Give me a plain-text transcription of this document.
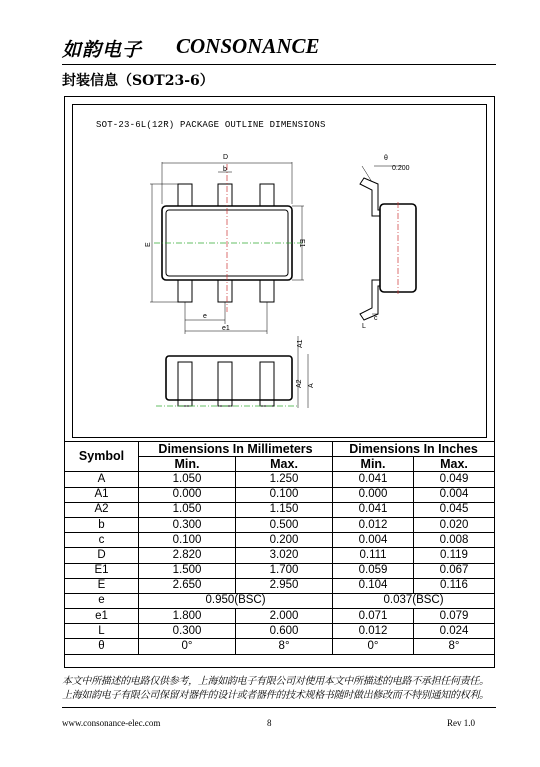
如韵电子 CONSONANCE
封装信息（SOT23-6）
SOT-23-6L(12R) PACKAGE OUTLINE DIMENSIONS
D
b
E	E1
e
e1
θ
0.200
c
L
A1
A2 A
Symbol	Dimensions In Millimeters		Dimensions In Inches	
	Min.	Max.	Min.	Max.
A	1.050	1.250	0.041	0.049
A1	0.000	0.100	0.000	0.004
A2	1.050	1.150	0.041	0.045
b	0.300	0.500	0.012	0.020
c	0.100	0.200	0.004	0.008
D	2.820	3.020	0.111	0.119
E1	1.500	1.700	0.059	0.067
E	2.650	2.950	0.104	0.116
e	0.950(BSC)		0.037(BSC)	
e1	1.800	2.000	0.071	0.079
L	0.300	0.600	0.012	0.024
θ	0°	8°	0°	8°
本文中所描述的电路仅供参考，上海如韵电子有限公司对使用本文中所描述的电路不承担任何责任。
上海如韵电子有限公司保留对器件的设计或者器件的技术规格书随时做出修改而不特别通知的权利。
www.consonance-elec.com	8	Rev 1.0
